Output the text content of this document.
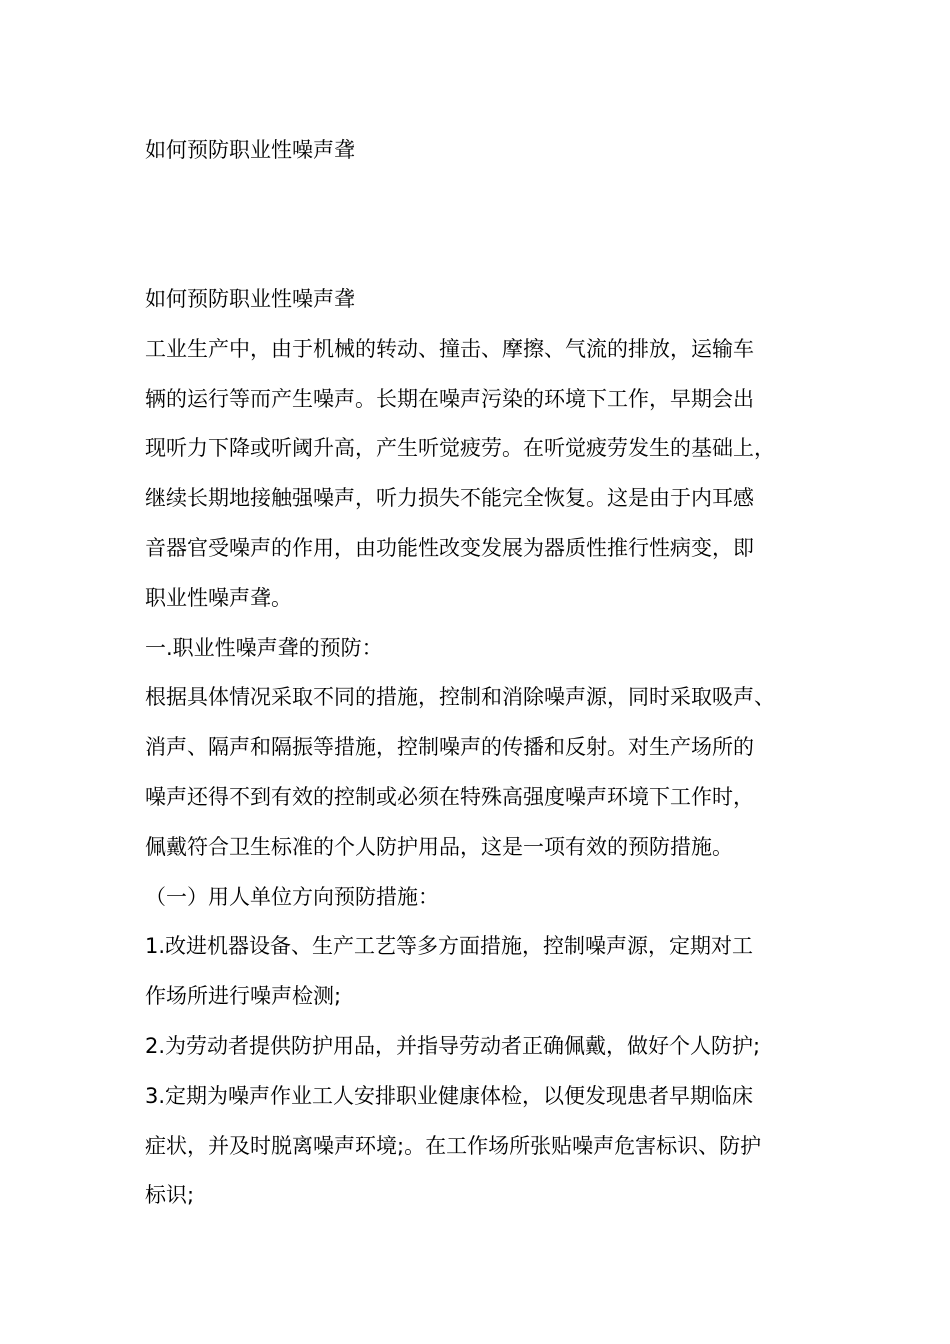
如何预防职业性噪声聋
如何预防职业性噪声聋
工业生产中，由于机械的转动、撞击、摩擦、气流的排放，运输车
辆的运行等而产生噪声。长期在噪声污染的环境下工作，早期会出
现听力下降或听阈升高，产生听觉疲劳。在听觉疲劳发生的基础上，
继续长期地接触强噪声，听力损失不能完全恢复。这是由于内耳感
音器官受噪声的作用，由功能性改变发展为器质性推行性病变，即
职业性噪声聋。
一.职业性噪声聋的预防：
根据具体情况采取不同的措施，控制和消除噪声源，同时采取吸声、
消声、隔声和隔振等措施，控制噪声的传播和反射。对生产场所的
噪声还得不到有效的控制或必须在特殊高强度噪声环境下工作时，
佩戴符合卫生标准的个人防护用品，这是一项有效的预防措施。
（一）用人单位方向预防措施：
1.改进机器设备、生产工艺等多方面措施，控制噪声源，定期对工
作场所进行噪声检测;
2.为劳动者提供防护用品，并指导劳动者正确佩戴，做好个人防护;
3.定期为噪声作业工人安排职业健康体检，以便发现患者早期临床
症状，并及时脱离噪声环境;。在工作场所张贴噪声危害标识、防护
标识;
